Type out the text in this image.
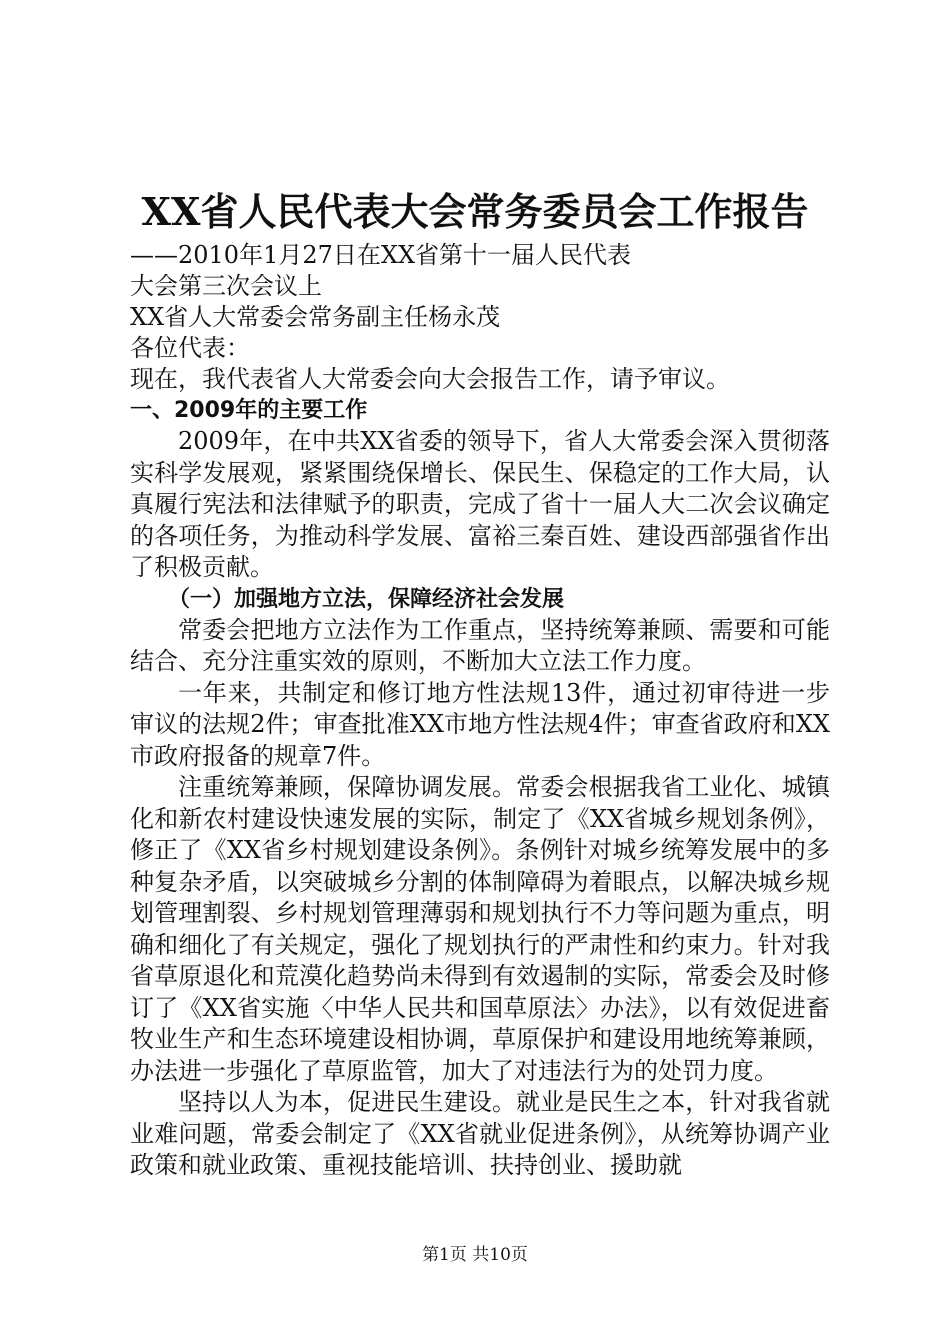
XX省人民代表大会常务委员会工作报告
——2010年1月27日在XX省第十一届人民代表
大会第三次会议上
XX省人大常委会常务副主任杨永茂
各位代表：
现在，我代表省人大常委会向大会报告工作，请予审议。
一、2009年的主要工作

2009年，在中共XX省委的领导下，省人大常委会深入贯彻落实科学发展观，紧紧围绕保增长、保民生、保稳定的工作大局，认真履行宪法和法律赋予的职责，完成了省十一届人大二次会议确定的各项任务，为推动科学发展、富裕三秦百姓、建设西部强省作出了积极贡献。

（一）加强地方立法，保障经济社会发展

常委会把地方立法作为工作重点，坚持统筹兼顾、需要和可能结合、充分注重实效的原则，不断加大立法工作力度。

一年来，共制定和修订地方性法规13件，通过初审待进一步审议的法规2件；审查批准XX市地方性法规4件；审查省政府和XX市政府报备的规章7件。

注重统筹兼顾，保障协调发展。常委会根据我省工业化、城镇化和新农村建设快速发展的实际，制定了《XX省城乡规划条例》，修正了《XX省乡村规划建设条例》。条例针对城乡统筹发展中的多种复杂矛盾，以突破城乡分割的体制障碍为着眼点，以解决城乡规划管理割裂、乡村规划管理薄弱和规划执行不力等问题为重点，明确和细化了有关规定，强化了规划执行的严肃性和约束力。针对我省草原退化和荒漠化趋势尚未得到有效遏制的实际，常委会及时修订了《XX省实施〈中华人民共和国草原法〉办法》，以有效促进畜牧业生产和生态环境建设相协调，草原保护和建设用地统筹兼顾，办法进一步强化了草原监管，加大了对违法行为的处罚力度。

坚持以人为本，促进民生建设。就业是民生之本，针对我省就业难问题，常委会制定了《XX省就业促进条例》，从统筹协调产业政策和就业政策、重视技能培训、扶持创业、援助就

第1页 共10页
